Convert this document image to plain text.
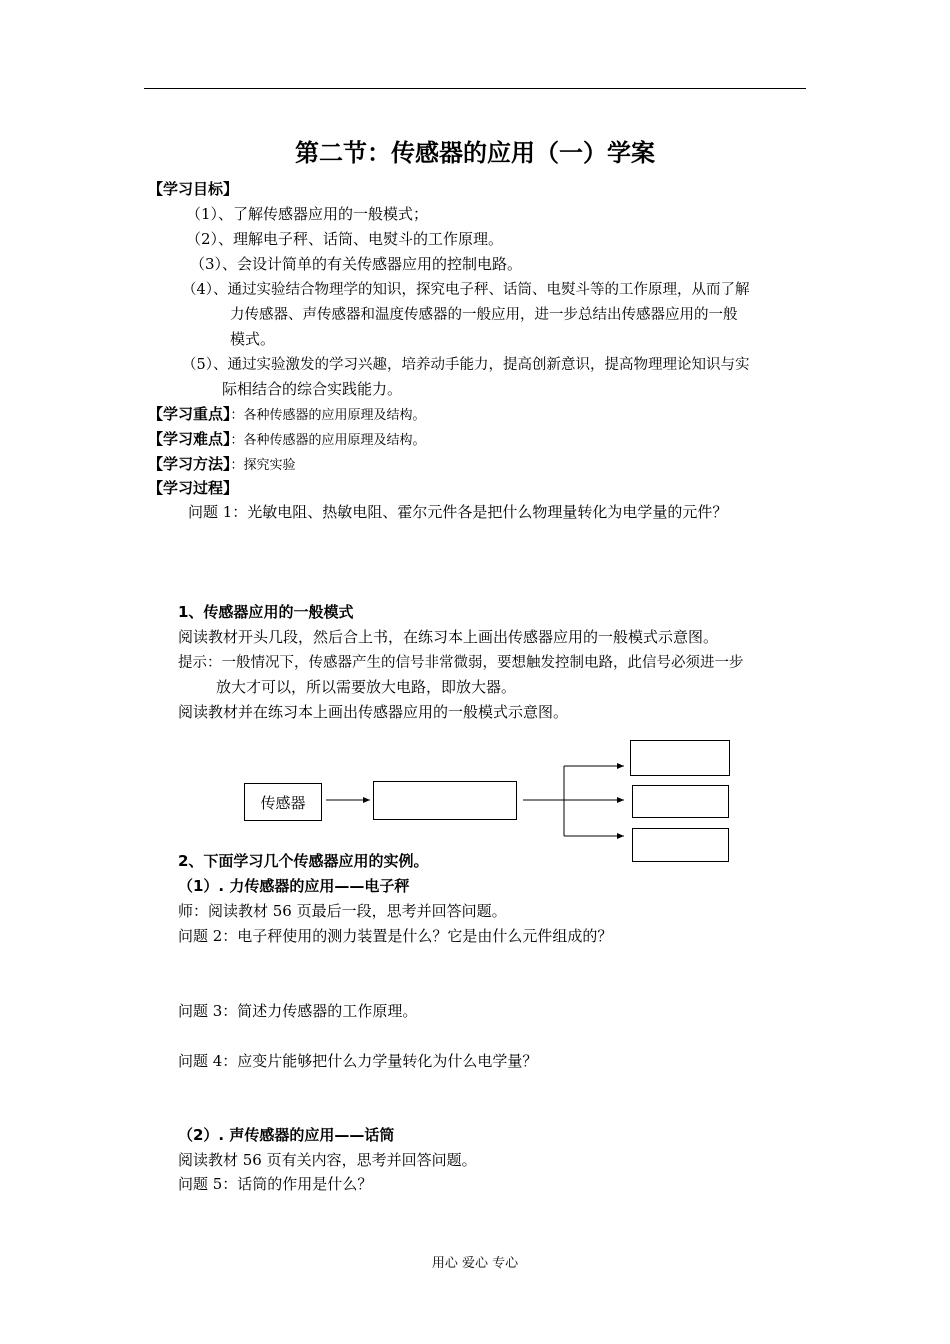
第二节：传感器的应用（一）学案
【学习目标】
（1）、了解传感器应用的一般模式；
（2）、理解电子秤、话筒、电熨斗的工作原理。
（3）、会设计简单的有关传感器应用的控制电路。
（4）、通过实验结合物理学的知识，探究电子秤、话筒、电熨斗等的工作原理，从而了解
力传感器、声传感器和温度传感器的一般应用，进一步总结出传感器应用的一般
模式。
（5）、通过实验激发的学习兴趣，培养动手能力，提高创新意识，提高物理理论知识与实
际相结合的综合实践能力。
【学习重点】：各种传感器的应用原理及结构。
【学习难点】：各种传感器的应用原理及结构。
【学习方法】：探究实验
【学习过程】
问题 1：光敏电阻、热敏电阻、霍尔元件各是把什么物理量转化为电学量的元件？
1、传感器应用的一般模式
阅读教材开头几段，然后合上书，在练习本上画出传感器应用的一般模式示意图。
提示：一般情况下，传感器产生的信号非常微弱，要想触发控制电路，此信号必须进一步
放大才可以，所以需要放大电路，即放大器。
阅读教材并在练习本上画出传感器应用的一般模式示意图。
传感器
2、下面学习几个传感器应用的实例。
（1）. 力传感器的应用——电子秤
师：阅读教材 56 页最后一段，思考并回答问题。
问题 2：电子秤使用的测力装置是什么？它是由什么元件组成的？
问题 3：简述力传感器的工作原理。
问题 4：应变片能够把什么力学量转化为什么电学量？
（2）. 声传感器的应用——话筒
阅读教材 56 页有关内容，思考并回答问题。
问题 5：话筒的作用是什么？
用心 爱心 专心
